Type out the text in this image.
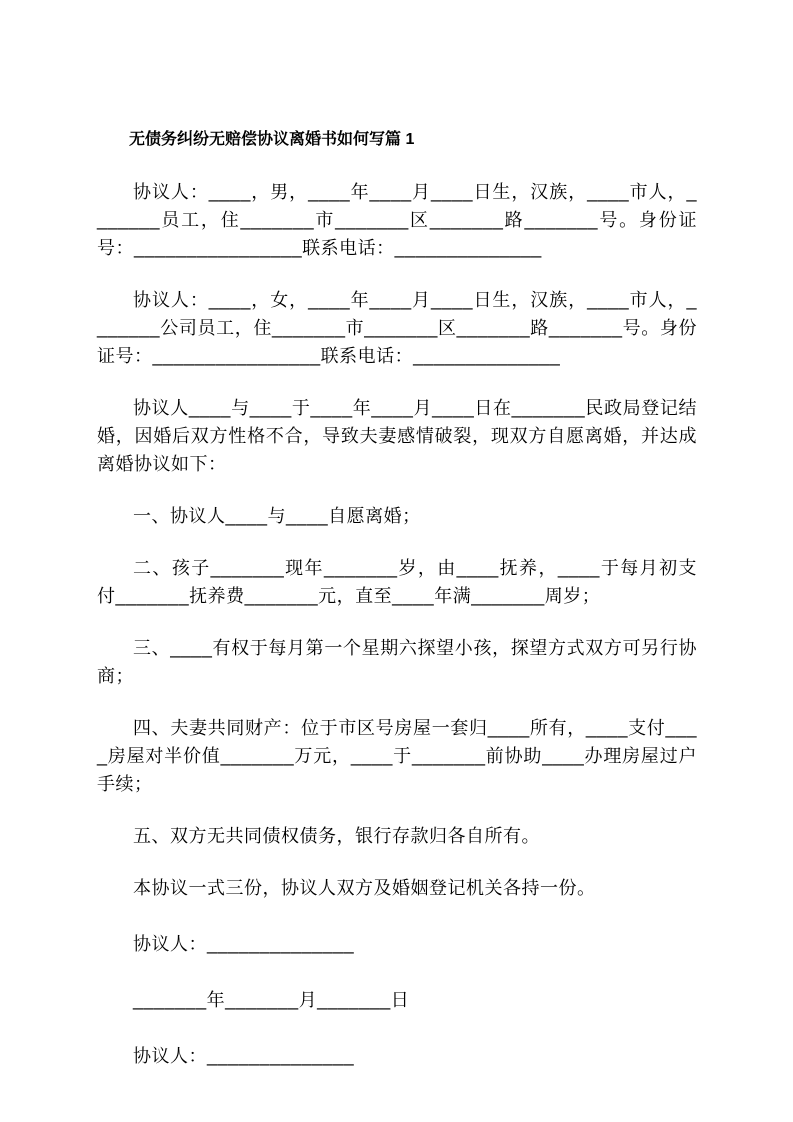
无债务纠纷无赔偿协议离婚书如何写篇 1

协议人：____，男，____年____月____日生，汉族，____市人，_______员工，住_______市_______区_______路_______号。身份证号：________________联系电话：______________

协议人：____，女，____年____月____日生，汉族，____市人，_______公司员工，住_______市_______区_______路_______号。身份证号：________________联系电话：______________

协议人____与____于____年____月____日在_______民政局登记结婚，因婚后双方性格不合，导致夫妻感情破裂，现双方自愿离婚，并达成离婚协议如下：

一、协议人____与____自愿离婚；

二、孩子_______现年_______岁，由____抚养，____于每月初支付_______抚养费_______元，直至____年满_______周岁；

三、____有权于每月第一个星期六探望小孩，探望方式双方可另行协商；

四、夫妻共同财产：位于市区号房屋一套归____所有，____支付____房屋对半价值_______万元，____于_______前协助____办理房屋过户手续；

五、双方无共同债权债务，银行存款归各自所有。

本协议一式三份，协议人双方及婚姻登记机关各持一份。

协议人：______________

_______年_______月_______日

协议人：______________
